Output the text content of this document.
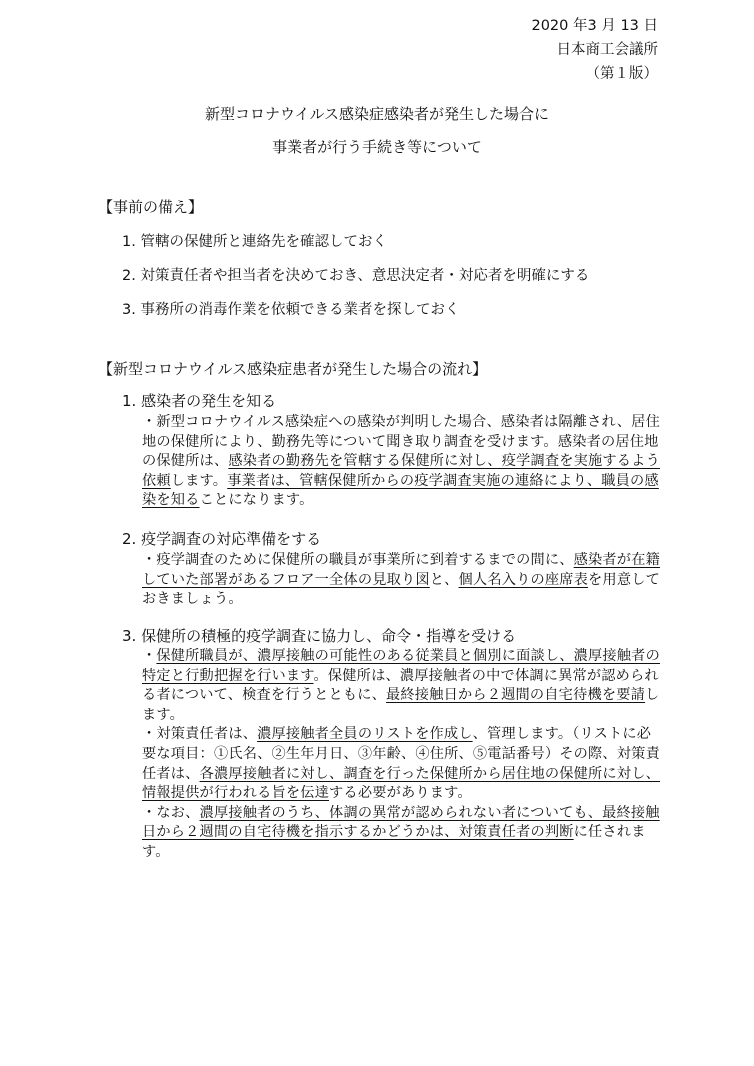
2020 年3 月 13 日
日本商工会議所
（第１版）
新型コロナウイルス感染症感染者が発生した場合に
事業者が行う手続き等について
【事前の備え】
1. 管轄の保健所と連絡先を確認しておく
2. 対策責任者や担当者を決めておき、意思決定者・対応者を明確にする
3. 事務所の消毒作業を依頼できる業者を探しておく
【新型コロナウイルス感染症患者が発生した場合の流れ】
1. 感染者の発生を知る

・新型コロナウイルス感染症への感染が判明した場合、感染者は隔離され、居住地の保健所により、勤務先等について聞き取り調査を受けます。感染者の居住地の保健所は、感染者の勤務先を管轄する保健所に対し、疫学調査を実施するよう依頼します。事業者は、管轄保健所からの疫学調査実施の連絡により、職員の感染を知ることになります。

2. 疫学調査の対応準備をする

・疫学調査のために保健所の職員が事業所に到着するまでの間に、感染者が在籍していた部署があるフロア一全体の見取り図と、個人名入りの座席表を用意しておきましょう。

3. 保健所の積極的疫学調査に協力し、命令・指導を受ける

・保健所職員が、濃厚接触の可能性のある従業員と個別に面談し、濃厚接触者の特定と行動把握を行います。保健所は、濃厚接触者の中で体調に異常が認められる者について、検査を行うとともに、最終接触日から２週間の自宅待機を要請します。

・対策責任者は、濃厚接触者全員のリストを作成し、管理します。（リストに必要な項目：①氏名、②生年月日、③年齢、④住所、⑤電話番号）その際、対策責任者は、各濃厚接触者に対し、調査を行った保健所から居住地の保健所に対し、情報提供が行われる旨を伝達する必要があります。

・なお、濃厚接触者のうち、体調の異常が認められない者についても、最終接触日から２週間の自宅待機を指示するかどうかは、対策責任者の判断に任されます。
